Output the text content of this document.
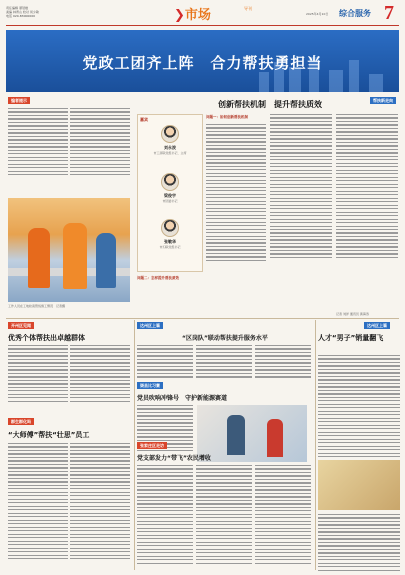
责任编辑 谭冠雄
美编 林青山 校对 何少敏
电话 020-83000000	❯市场	导刊
2025年4月10日 综合服务 7
党政工团齐上阵　合力帮扶勇担当
编者提示
工作人员在工地检查管线施工情况　记者摄
帮扶新走向
创新帮扶机制　提升帮扶质效
嘉宾
刘永波
市工商联党组书记、主席
梁俊宇
市团委书记
张敏华
市妇联党组书记
问题一：如何创新帮扶机制
问题二：怎样提升帮扶质效
记者 刘洋 通讯员 黄海涛
达州区上篇
“区岗队”联动帮扶提升服务水平
开州区见闻
优秀个体帮扶出卓越群体
渠县比习赛
党员吹响冲锋号　守护新能源赛道
张家庄区走访
党支部发力“带飞”农民增收
群生群化吗
“大师傅”帮扶“壮思”员工
达州区上篇
人才“男子”销量翻飞
